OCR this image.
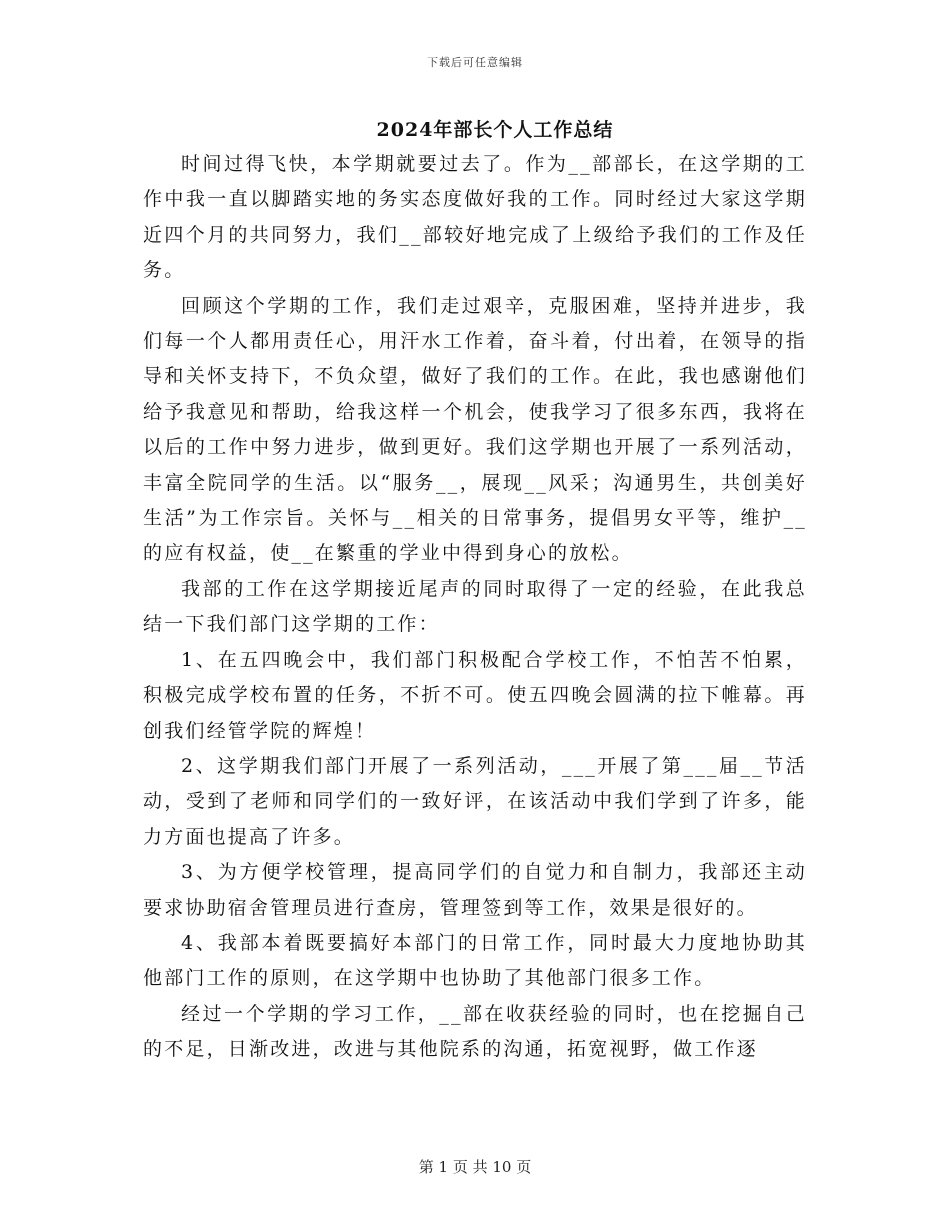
下载后可任意编辑
2024年部长个人工作总结

时间过得飞快，本学期就要过去了。作为__部部长，在这学期的工作中我一直以脚踏实地的务实态度做好我的工作。同时经过大家这学期近四个月的共同努力，我们__部较好地完成了上级给予我们的工作及任务。

回顾这个学期的工作，我们走过艰辛，克服困难，坚持并进步，我们每一个人都用责任心，用汗水工作着，奋斗着，付出着，在领导的指导和关怀支持下，不负众望，做好了我们的工作。在此，我也感谢他们给予我意见和帮助，给我这样一个机会，使我学习了很多东西，我将在以后的工作中努力进步，做到更好。我们这学期也开展了一系列活动，丰富全院同学的生活。以“服务__，展现__风采；沟通男生，共创美好生活”为工作宗旨。关怀与__相关的日常事务，提倡男女平等，维护__的应有权益，使__在繁重的学业中得到身心的放松。

我部的工作在这学期接近尾声的同时取得了一定的经验，在此我总结一下我们部门这学期的工作：

1、在五四晚会中，我们部门积极配合学校工作，不怕苦不怕累，积极完成学校布置的任务，不折不可。使五四晚会圆满的拉下帷幕。再创我们经管学院的辉煌！

2、这学期我们部门开展了一系列活动，___开展了第___届__节活动，受到了老师和同学们的一致好评，在该活动中我们学到了许多，能力方面也提高了许多。

3、为方便学校管理，提高同学们的自觉力和自制力，我部还主动要求协助宿舍管理员进行查房，管理签到等工作，效果是很好的。

4、我部本着既要搞好本部门的日常工作，同时最大力度地协助其他部门工作的原则，在这学期中也协助了其他部门很多工作。

经过一个学期的学习工作，__部在收获经验的同时，也在挖掘自己的不足，日渐改进，改进与其他院系的沟通，拓宽视野，做工作逐

第 1 页 共 10 页
